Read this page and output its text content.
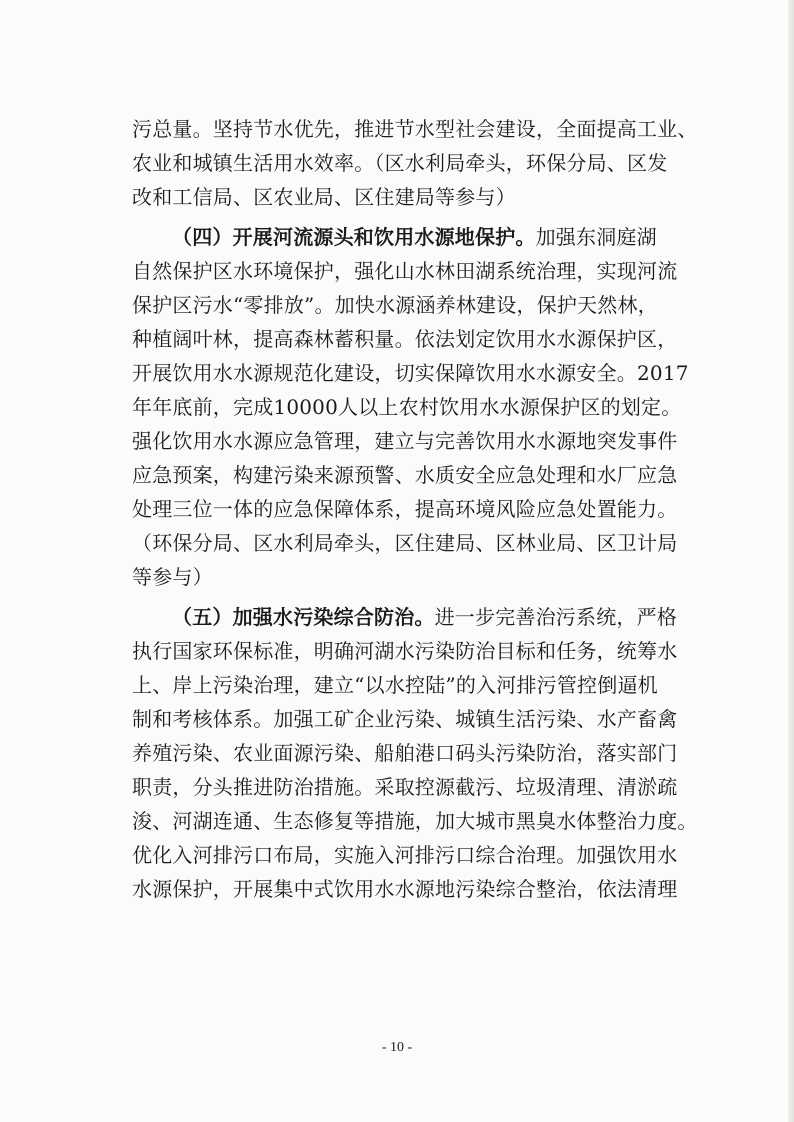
污总量。坚持节水优先，推进节水型社会建设，全面提高工业、
农业和城镇生活用水效率。（区水利局牵头，环保分局、区发
改和工信局、区农业局、区住建局等参与）
（四）开展河流源头和饮用水源地保护。加强东洞庭湖
自然保护区水环境保护，强化山水林田湖系统治理，实现河流
保护区污水“零排放”。加快水源涵养林建设，保护天然林，
种植阔叶林，提高森林蓄积量。依法划定饮用水水源保护区，
开展饮用水水源规范化建设，切实保障饮用水水源安全。2017
年年底前，完成10000人以上农村饮用水水源保护区的划定。
强化饮用水水源应急管理，建立与完善饮用水水源地突发事件
应急预案，构建污染来源预警、水质安全应急处理和水厂应急
处理三位一体的应急保障体系，提高环境风险应急处置能力。
（环保分局、区水利局牵头，区住建局、区林业局、区卫计局
等参与）
（五）加强水污染综合防治。进一步完善治污系统，严格
执行国家环保标准，明确河湖水污染防治目标和任务，统筹水
上、岸上污染治理，建立“以水控陆”的入河排污管控倒逼机
制和考核体系。加强工矿企业污染、城镇生活污染、水产畜禽
养殖污染、农业面源污染、船舶港口码头污染防治，落实部门
职责，分头推进防治措施。采取控源截污、垃圾清理、清淤疏
浚、河湖连通、生态修复等措施，加大城市黑臭水体整治力度。
优化入河排污口布局，实施入河排污口综合治理。加强饮用水
水源保护，开展集中式饮用水水源地污染综合整治，依法清理
- 10 -
